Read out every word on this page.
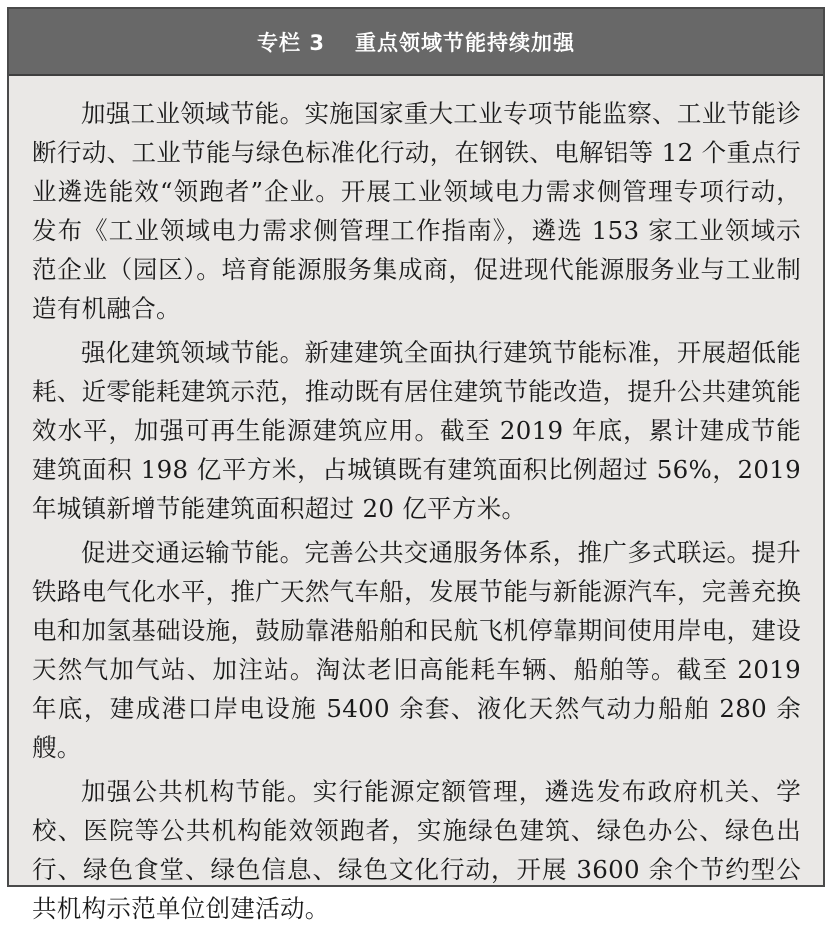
专栏 3 重点领域节能持续加强

加强工业领域节能。实施国家重大工业专项节能监察、工业节能诊断行动、工业节能与绿色标准化行动，在钢铁、电解铝等 12 个重点行业遴选能效“领跑者”企业。开展工业领域电力需求侧管理专项行动，发布《工业领域电力需求侧管理工作指南》，遴选 153 家工业领域示范企业（园区）。培育能源服务集成商，促进现代能源服务业与工业制造有机融合。

强化建筑领域节能。新建建筑全面执行建筑节能标准，开展超低能耗、近零能耗建筑示范，推动既有居住建筑节能改造，提升公共建筑能效水平，加强可再生能源建筑应用。截至 2019 年底，累计建成节能建筑面积 198 亿平方米，占城镇既有建筑面积比例超过 56%，2019 年城镇新增节能建筑面积超过 20 亿平方米。

促进交通运输节能。完善公共交通服务体系，推广多式联运。提升铁路电气化水平，推广天然气车船，发展节能与新能源汽车，完善充换电和加氢基础设施，鼓励靠港船舶和民航飞机停靠期间使用岸电，建设天然气加气站、加注站。淘汰老旧高能耗车辆、船舶等。截至 2019 年底，建成港口岸电设施 5400 余套、液化天然气动力船舶 280 余艘。

加强公共机构节能。实行能源定额管理，遴选发布政府机关、学校、医院等公共机构能效领跑者，实施绿色建筑、绿色办公、绿色出行、绿色食堂、绿色信息、绿色文化行动，开展 3600 余个节约型公共机构示范单位创建活动。
